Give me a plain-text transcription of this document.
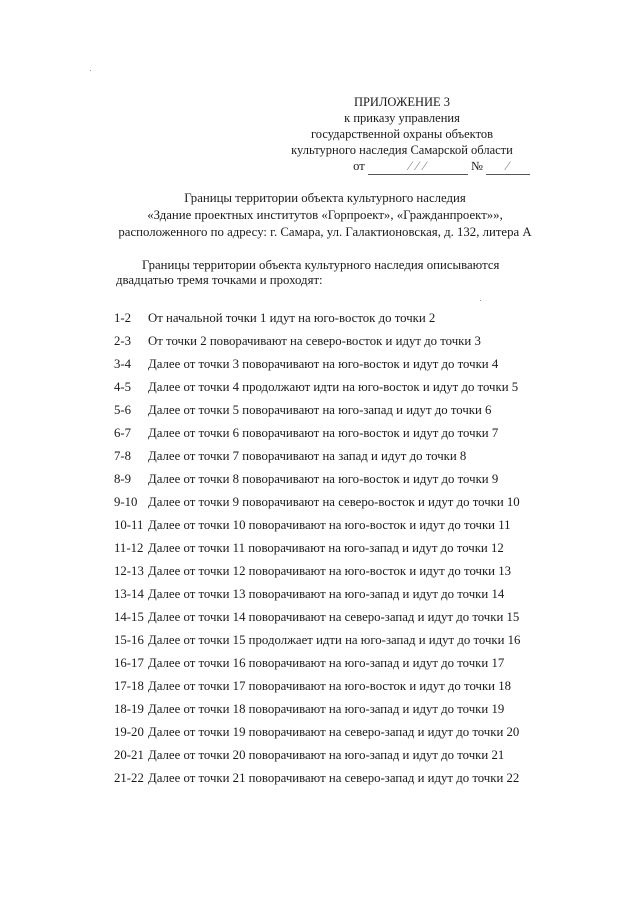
ПРИЛОЖЕНИЕ 3
к приказу управления
государственной охраны объектов
культурного наследия Самарской области
от	⁄ ⁄ ⁄	№ ⁄
Границы территории объекта культурного наследия
«Здание проектных институтов «Горпроект», «Гражданпроект»»,
расположенного по адресу: г. Самара, ул. Галактионовская, д. 132, литера А
Границы территории объекта культурного наследия описываются
двадцатью тремя точками и проходят:
1-2	От начальной точки 1 идут на юго-восток до точки 2
2-3	От точки 2 поворачивают на северо-восток и идут до точки 3
3-4	Далее от точки 3 поворачивают на юго-восток и идут до точки 4
4-5	Далее от точки 4 продолжают идти на юго-восток и идут до точки 5
5-6	Далее от точки 5 поворачивают на юго-запад и идут до точки 6
6-7	Далее от точки 6 поворачивают на юго-восток и идут до точки 7
7-8	Далее от точки 7 поворачивают на запад и идут до точки 8
8-9	Далее от точки 8 поворачивают на юго-восток и идут до точки 9
9-10 Далее от точки 9 поворачивают на северо-восток и идут до точки 10
10-11 Далее от точки 10 поворачивают на юго-восток и идут до точки 11
11-12 Далее от точки 11 поворачивают на юго-запад и идут до точки 12
12-13 Далее от точки 12 поворачивают на юго-восток и идут до точки 13
13-14 Далее от точки 13 поворачивают на юго-запад и идут до точки 14
14-15 Далее от точки 14 поворачивают на северо-запад и идут до точки 15
15-16 Далее от точки 15 продолжает идти на юго-запад и идут до точки 16
16-17 Далее от точки 16 поворачивают на юго-запад и идут до точки 17
17-18 Далее от точки 17 поворачивают на юго-восток и идут до точки 18
18-19 Далее от точки 18 поворачивают на юго-запад и идут до точки 19
19-20 Далее от точки 19 поворачивают на северо-запад и идут до точки 20
20-21 Далее от точки 20 поворачивают на юго-запад и идут до точки 21
21-22 Далее от точки 21 поворачивают на северо-запад и идут до точки 22
